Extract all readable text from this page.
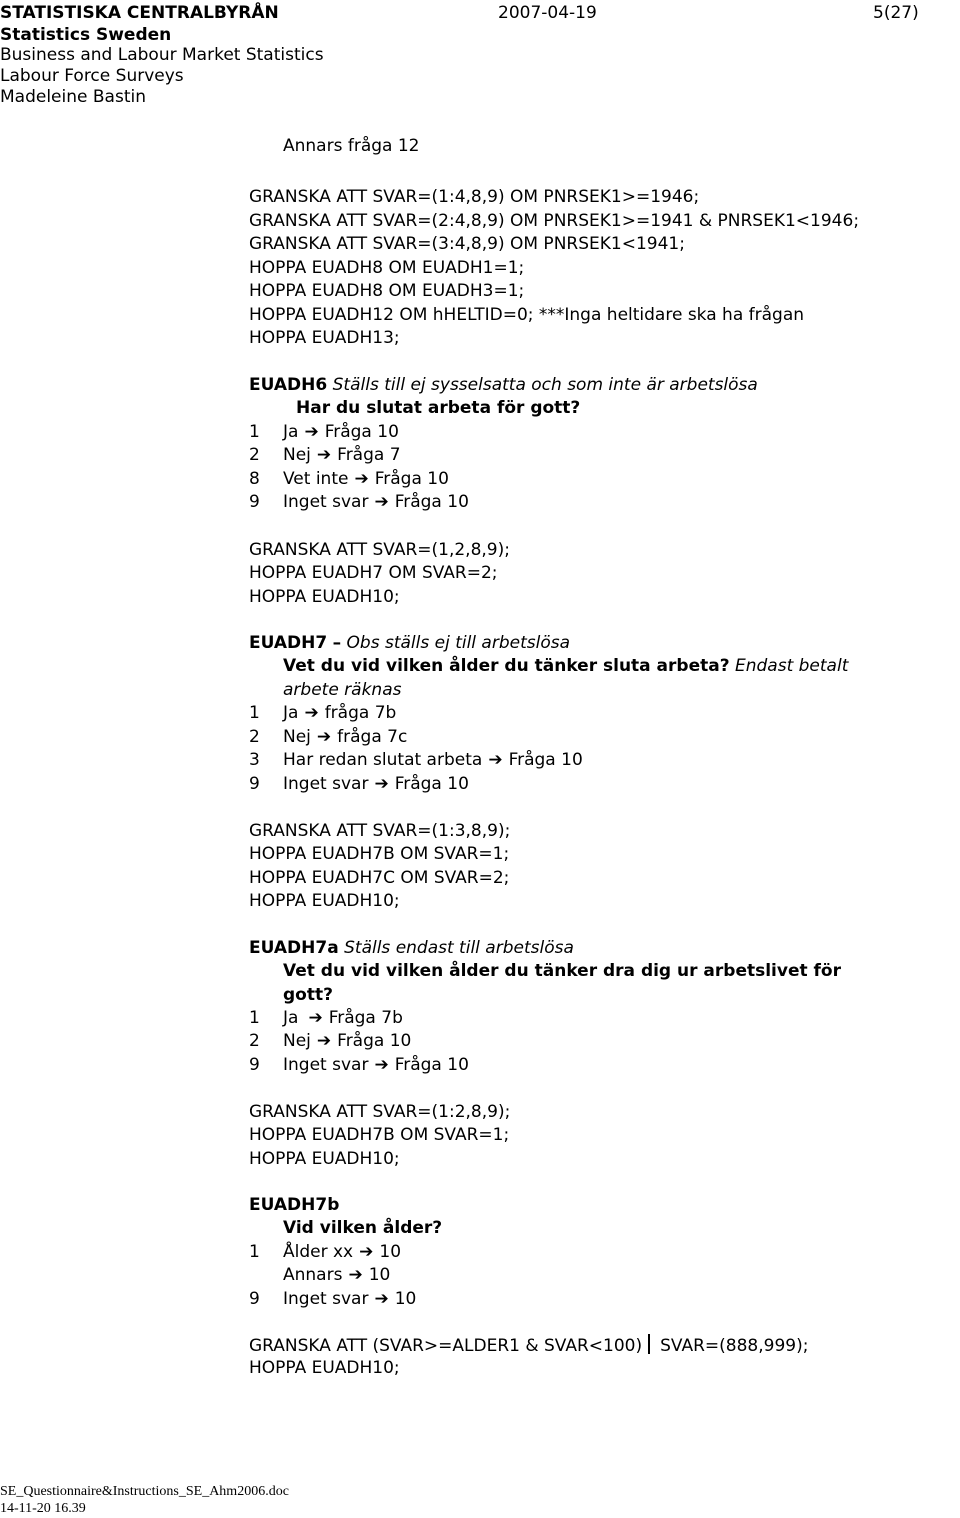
STATISTISKA CENTRALBYRÅN	2007-04-19	5(27)
Statistics Sweden
Business and Labour Market Statistics
Labour Force Surveys
Madeleine Bastin
Annars fråga 12
GRANSKA ATT SVAR=(1:4,8,9) OM PNRSEK1>=1946;
GRANSKA ATT SVAR=(2:4,8,9) OM PNRSEK1>=1941 & PNRSEK1<1946;
GRANSKA ATT SVAR=(3:4,8,9) OM PNRSEK1<1941;
HOPPA EUADH8 OM EUADH1=1;
HOPPA EUADH8 OM EUADH3=1;
HOPPA EUADH12 OM hHELTID=0; ***Inga heltidare ska ha frågan
HOPPA EUADH13;
EUADH6 Ställs till ej sysselsatta och som inte är arbetslösa
Har du slutat arbeta för gott?
1 Ja ➔ Fråga 10
2 Nej ➔ Fråga 7
8 Vet inte ➔ Fråga 10
9 Inget svar ➔ Fråga 10
GRANSKA ATT SVAR=(1,2,8,9);
HOPPA EUADH7 OM SVAR=2;
HOPPA EUADH10;
EUADH7 – Obs ställs ej till arbetslösa
Vet du vid vilken ålder du tänker sluta arbeta? Endast betalt
arbete räknas
1 Ja ➔ fråga 7b
2 Nej ➔ fråga 7c
3 Har redan slutat arbeta ➔ Fråga 10
9 Inget svar ➔ Fråga 10
GRANSKA ATT SVAR=(1:3,8,9);
HOPPA EUADH7B OM SVAR=1;
HOPPA EUADH7C OM SVAR=2;
HOPPA EUADH10;
EUADH7a Ställs endast till arbetslösa
Vet du vid vilken ålder du tänker dra dig ur arbetslivet för
gott?
1 Ja ➔ Fråga 7b
2 Nej ➔ Fråga 10
9 Inget svar ➔ Fråga 10
GRANSKA ATT SVAR=(1:2,8,9);
HOPPA EUADH7B OM SVAR=1;
HOPPA EUADH10;
EUADH7b
Vid vilken ålder?
1 Ålder xx ➔ 10
Annars ➔ 10
9 Inget svar ➔ 10
GRANSKA ATT (SVAR>=ALDER1 & SVAR<100) SVAR=(888,999);
HOPPA EUADH10;
SE_Questionnaire&Instructions_SE_Ahm2006.doc
14-11-20 16.39
